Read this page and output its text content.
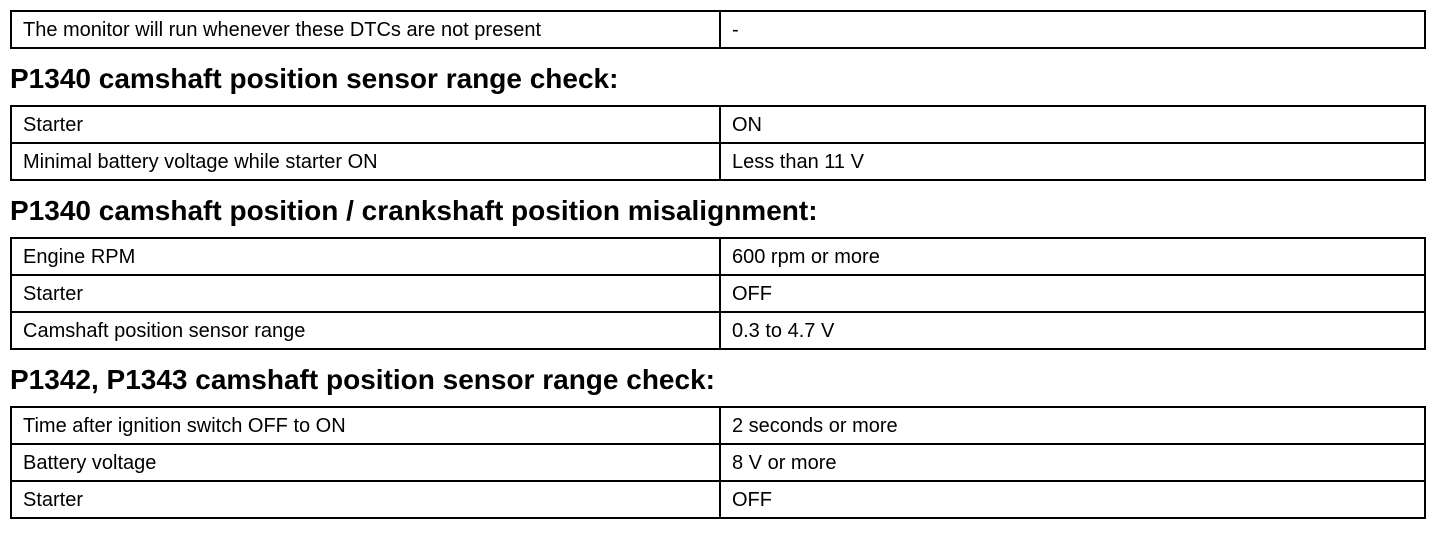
The monitor will run whenever these DTCs are not present	-
P1340 camshaft position sensor range check:
Starter	ON
Minimal battery voltage while starter ON	Less than 11 V
P1340 camshaft position / crankshaft position misalignment:
Engine RPM	600 rpm or more
Starter	OFF
Camshaft position sensor range	0.3 to 4.7 V
P1342, P1343 camshaft position sensor range check:
Time after ignition switch OFF to ON	2 seconds or more
Battery voltage	8 V or more
Starter	OFF
